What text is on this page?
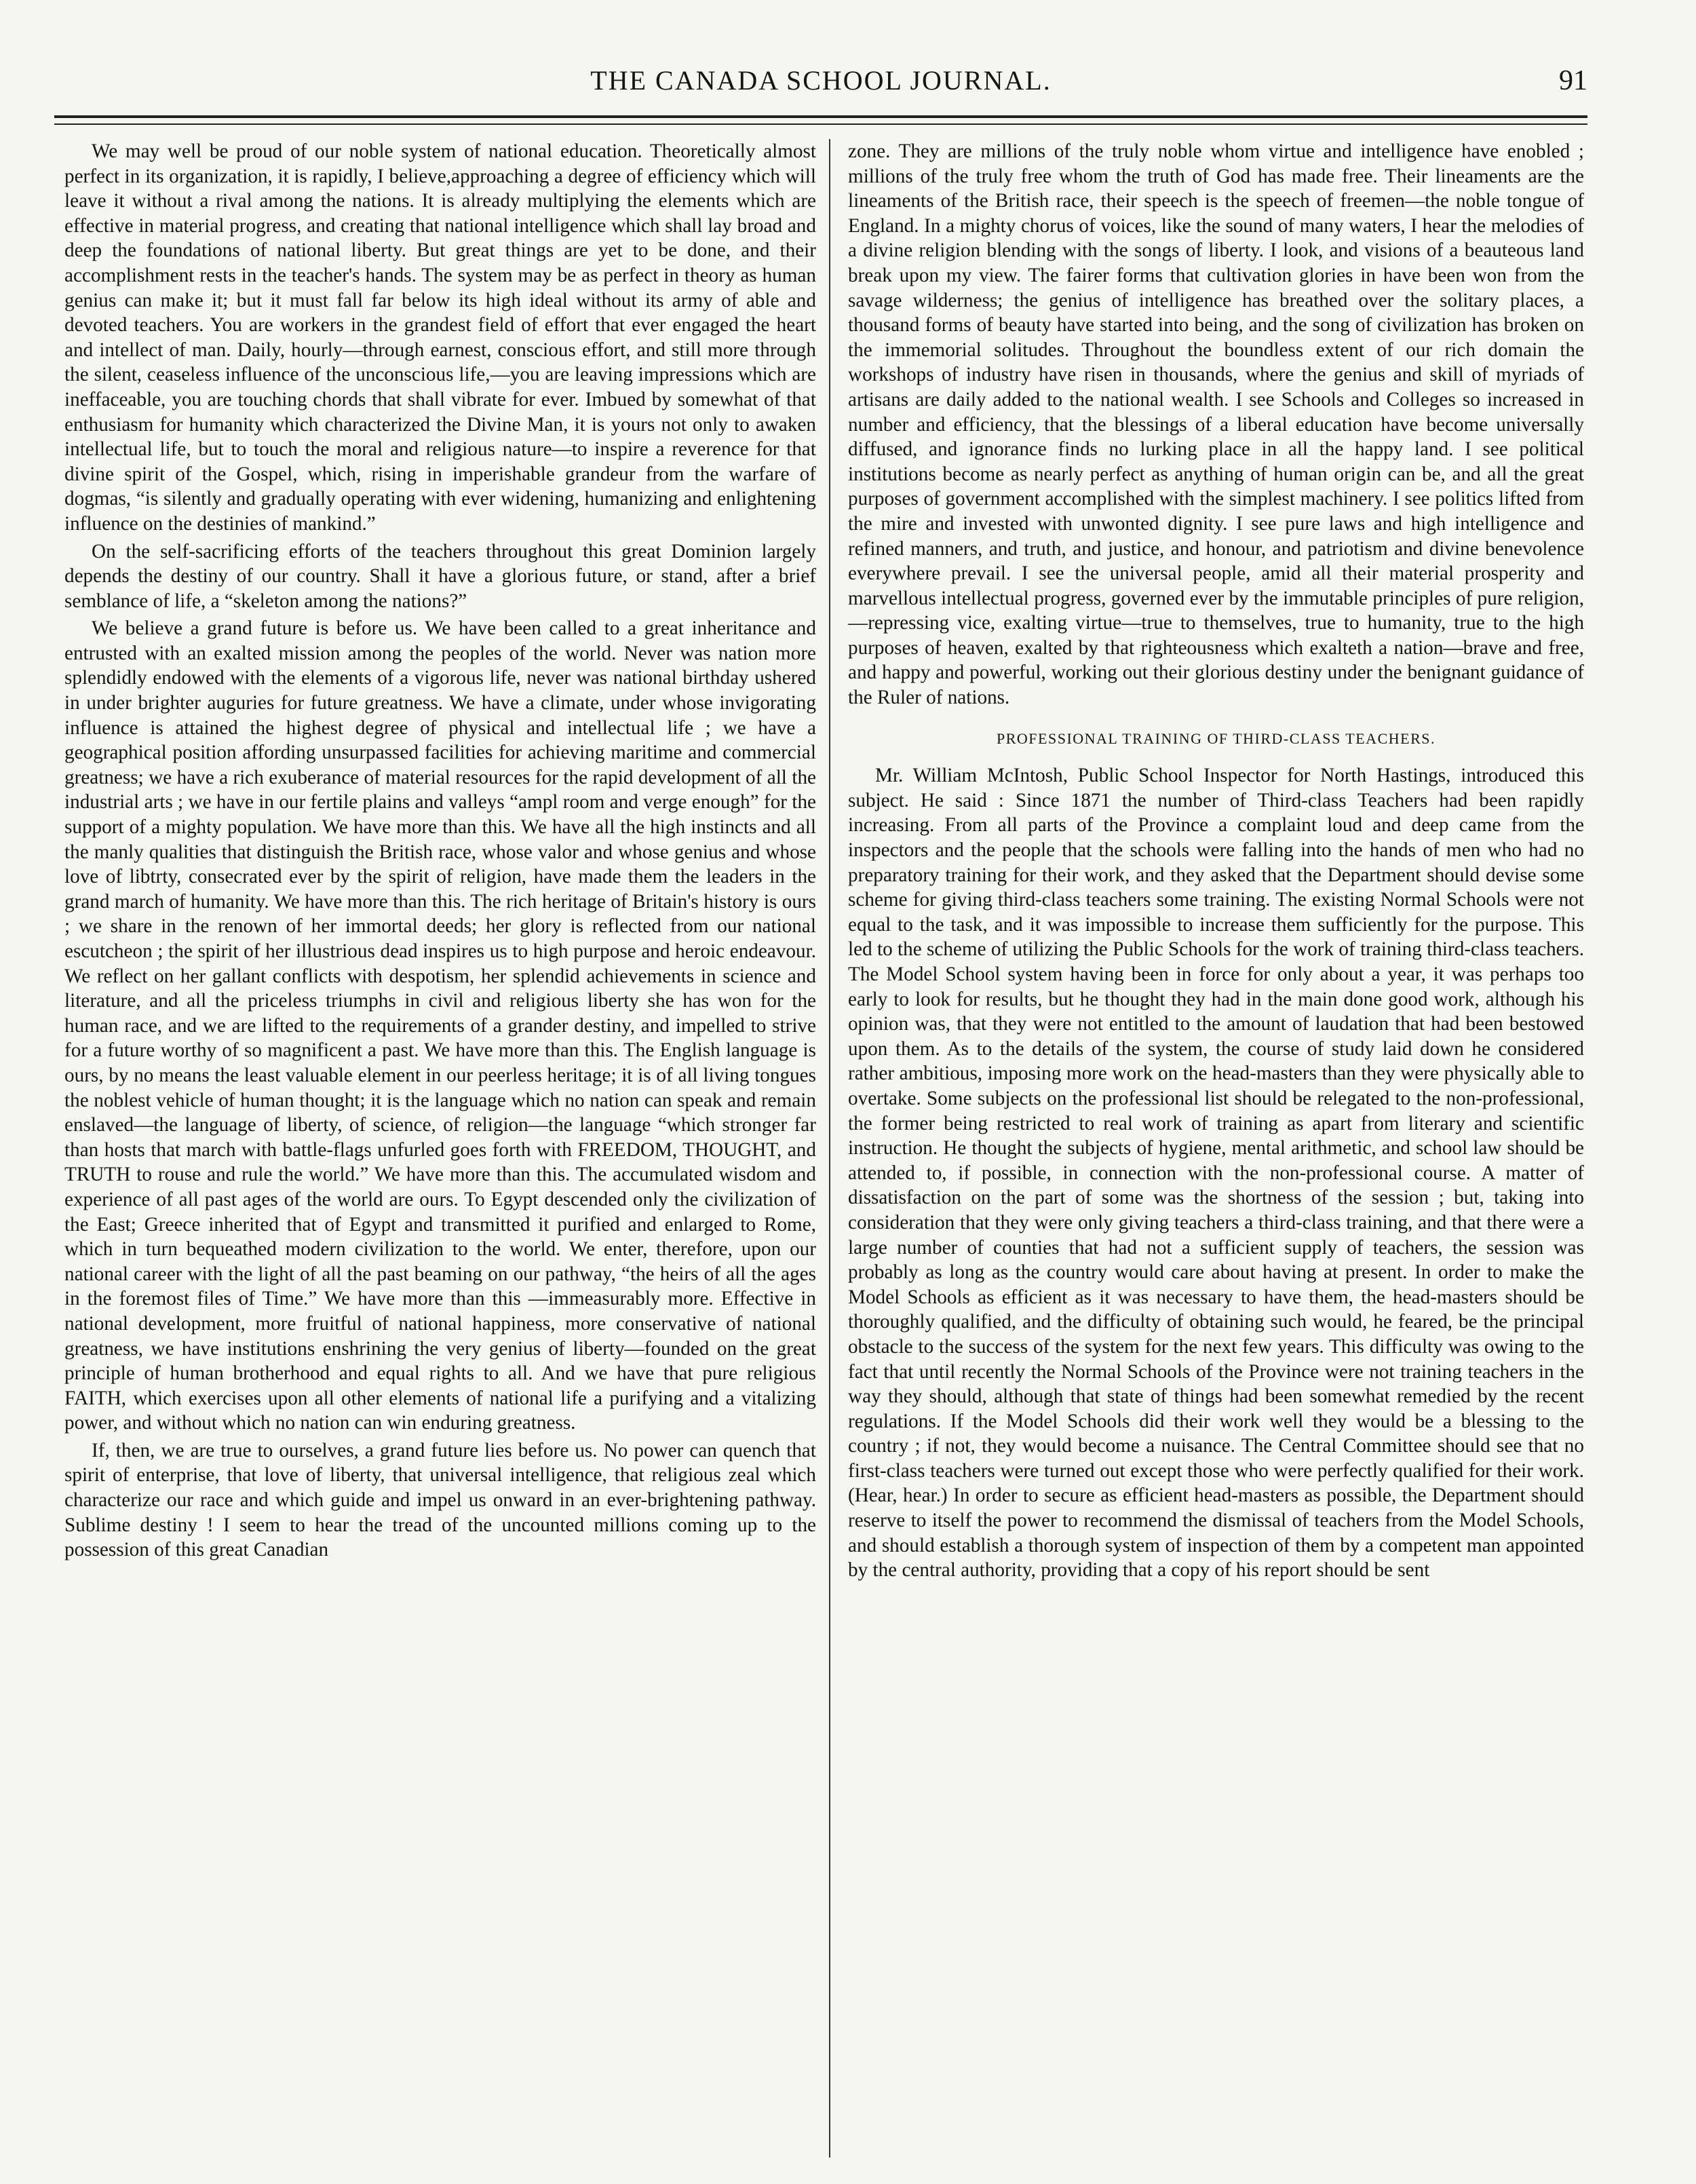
THE CANADA SCHOOL JOURNAL.	91

We may well be proud of our noble system of national education. Theoretically almost perfect in its organization, it is rapidly, I believe,approaching a degree of efficiency which will leave it without a rival among the nations. It is already multiplying the elements which are effective in material progress, and creating that national intelligence which shall lay broad and deep the foundations of national liberty. But great things are yet to be done, and their accomplishment rests in the teacher's hands. The system may be as perfect in theory as human genius can make it; but it must fall far below its high ideal without its army of able and devoted teachers. You are workers in the grandest field of effort that ever engaged the heart and intellect of man. Daily, hourly—through earnest, conscious effort, and still more through the silent, ceaseless influence of the unconscious life,—you are leaving impressions which are ineffaceable, you are touching chords that shall vibrate for ever. Imbued by somewhat of that enthusiasm for humanity which characterized the Divine Man, it is yours not only to awaken intellectual life, but to touch the moral and religious nature—to inspire a reverence for that divine spirit of the Gospel, which, rising in imperishable grandeur from the warfare of dogmas, “is silently and gradually operating with ever widening, humanizing and enlightening influence on the destinies of mankind.”

On the self-sacrificing efforts of the teachers throughout this great Dominion largely depends the destiny of our country. Shall it have a glorious future, or stand, after a brief semblance of life, a “skeleton among the nations?”

We believe a grand future is before us. We have been called to a great inheritance and entrusted with an exalted mission among the peoples of the world. Never was nation more splendidly endowed with the elements of a vigorous life, never was national birthday ushered in under brighter auguries for future greatness. We have a climate, under whose invigorating influence is attained the highest degree of physical and intellectual life ; we have a geographical position affording unsurpassed facilities for achieving maritime and commercial greatness; we have a rich exuberance of material resources for the rapid development of all the industrial arts ; we have in our fertile plains and valleys “ampl room and verge enough” for the support of a mighty population. We have more than this. We have all the high instincts and all the manly qualities that distinguish the British race, whose valor and whose genius and whose love of libtrty, consecrated ever by the spirit of religion, have made them the leaders in the grand march of humanity. We have more than this. The rich heritage of Britain's history is ours ; we share in the renown of her immortal deeds; her glory is reflected from our national escutcheon ; the spirit of her illustrious dead inspires us to high purpose and heroic endeavour. We reflect on her gallant conflicts with despotism, her splendid achievements in science and literature, and all the priceless triumphs in civil and religious liberty she has won for the human race, and we are lifted to the requirements of a grander destiny, and impelled to strive for a future worthy of so magnificent a past. We have more than this. The English language is ours, by no means the least valuable element in our peerless heritage; it is of all living tongues the noblest vehicle of human thought; it is the language which no nation can speak and remain enslaved—the language of liberty, of science, of religion—the language “which stronger far than hosts that march with battle-flags unfurled goes forth with FREEDOM, THOUGHT, and TRUTH to rouse and rule the world.” We have more than this. The accumulated wisdom and experience of all past ages of the world are ours. To Egypt descended only the civilization of the East; Greece inherited that of Egypt and transmitted it purified and enlarged to Rome, which in turn bequeathed modern civilization to the world. We enter, therefore, upon our national career with the light of all the past beaming on our pathway, “the heirs of all the ages in the foremost files of Time.” We have more than this —immeasurably more. Effective in national development, more fruitful of national happiness, more conservative of national greatness, we have institutions enshrining the very genius of liberty—founded on the great principle of human brotherhood and equal rights to all. And we have that pure religious FAITH, which exercises upon all other elements of national life a purifying and a vitalizing power, and without which no nation can win enduring greatness.

If, then, we are true to ourselves, a grand future lies before us. No power can quench that spirit of enterprise, that love of liberty, that universal intelligence, that religious zeal which characterize our race and which guide and impel us onward in an ever-brightening pathway. Sublime destiny ! I seem to hear the tread of the uncounted millions coming up to the possession of this great Canadian

zone. They are millions of the truly noble whom virtue and intelligence have enobled ; millions of the truly free whom the truth of God has made free. Their lineaments are the lineaments of the British race, their speech is the speech of freemen—the noble tongue of England. In a mighty chorus of voices, like the sound of many waters, I hear the melodies of a divine religion blending with the songs of liberty. I look, and visions of a beauteous land break upon my view. The fairer forms that cultivation glories in have been won from the savage wilderness; the genius of intelligence has breathed over the solitary places, a thousand forms of beauty have started into being, and the song of civilization has broken on the immemorial solitudes. Throughout the boundless extent of our rich domain the workshops of industry have risen in thousands, where the genius and skill of myriads of artisans are daily added to the national wealth. I see Schools and Colleges so increased in number and efficiency, that the blessings of a liberal education have become universally diffused, and ignorance finds no lurking place in all the happy land. I see political institutions become as nearly perfect as anything of human origin can be, and all the great purposes of government accomplished with the simplest machinery. I see politics lifted from the mire and invested with unwonted dignity. I see pure laws and high intelligence and refined manners, and truth, and justice, and honour, and patriotism and divine benevolence everywhere prevail. I see the universal people, amid all their material prosperity and marvellous intellectual progress, governed ever by the immutable principles of pure religion,—repressing vice, exalting virtue—true to themselves, true to humanity, true to the high purposes of heaven, exalted by that righteousness which exalteth a nation—brave and free, and happy and powerful, working out their glorious destiny under the benignant guidance of the Ruler of nations.

PROFESSIONAL TRAINING OF THIRD-CLASS TEACHERS.

Mr. William McIntosh, Public School Inspector for North Hastings, introduced this subject. He said : Since 1871 the number of Third-class Teachers had been rapidly increasing. From all parts of the Province a complaint loud and deep came from the inspectors and the people that the schools were falling into the hands of men who had no preparatory training for their work, and they asked that the Department should devise some scheme for giving third-class teachers some training. The existing Normal Schools were not equal to the task, and it was impossible to increase them sufficiently for the purpose. This led to the scheme of utilizing the Public Schools for the work of training third-class teachers. The Model School system having been in force for only about a year, it was perhaps too early to look for results, but he thought they had in the main done good work, although his opinion was, that they were not entitled to the amount of laudation that had been bestowed upon them. As to the details of the system, the course of study laid down he considered rather ambitious, imposing more work on the head-masters than they were physically able to overtake. Some subjects on the professional list should be relegated to the non-professional, the former being restricted to real work of training as apart from literary and scientific instruction. He thought the subjects of hygiene, mental arithmetic, and school law should be attended to, if possible, in connection with the non-professional course. A matter of dissatisfaction on the part of some was the shortness of the session ; but, taking into consideration that they were only giving teachers a third-class training, and that there were a large number of counties that had not a sufficient supply of teachers, the session was probably as long as the country would care about having at present. In order to make the Model Schools as efficient as it was necessary to have them, the head-masters should be thoroughly qualified, and the difficulty of obtaining such would, he feared, be the principal obstacle to the success of the system for the next few years. This difficulty was owing to the fact that until recently the Normal Schools of the Province were not training teachers in the way they should, although that state of things had been somewhat remedied by the recent regulations. If the Model Schools did their work well they would be a blessing to the country ; if not, they would become a nuisance. The Central Committee should see that no first-class teachers were turned out except those who were perfectly qualified for their work. (Hear, hear.) In order to secure as efficient head-masters as possible, the Department should reserve to itself the power to recommend the dismissal of teachers from the Model Schools, and should establish a thorough system of inspection of them by a competent man appointed by the central authority, providing that a copy of his report should be sent
